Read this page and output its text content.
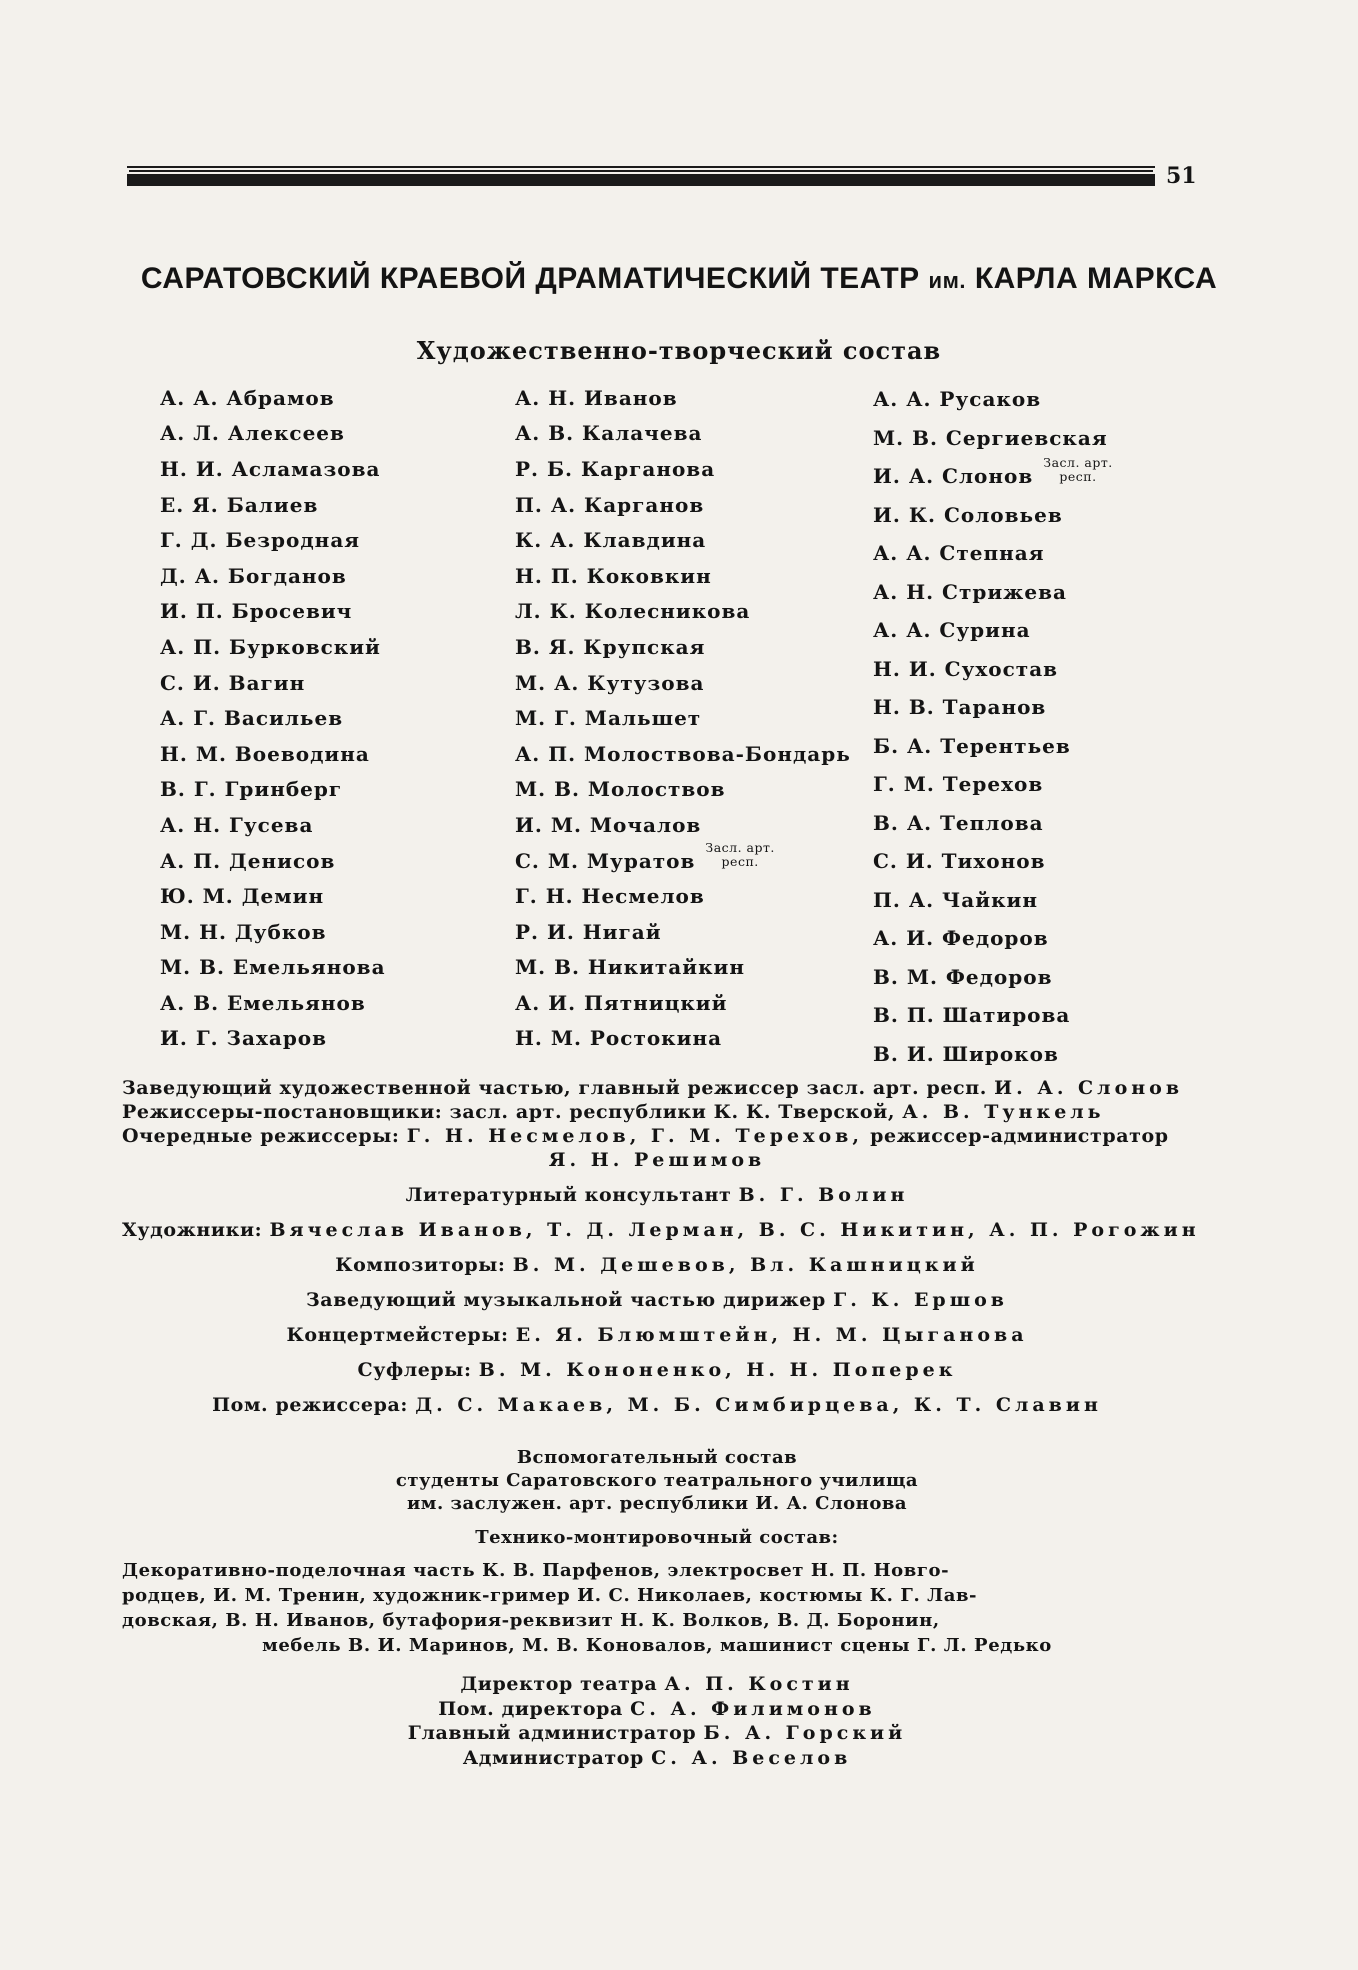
51
САРАТОВСКИЙ КРАЕВОЙ ДРАМАТИЧЕСКИЙ ТЕАТР им. КАРЛА МАРКСА
Художественно-творческий состав
А. А. Абрамов
А. Л. Алексеев
Н. И. Асламазова
Е. Я. Балиев
Г. Д. Безродная
Д. А. Богданов
И. П. Бросевич
А. П. Бурковский
С. И. Вагин
А. Г. Васильев
Н. М. Воеводина
В. Г. Гринберг
А. Н. Гусева
А. П. Денисов
Ю. М. Демин
М. Н. Дубков
М. В. Емельянова
А. В. Емельянов
И. Г. Захаров
А. Н. Иванов
А. В. Калачева
Р. Б. Карганова
П. А. Карганов
К. А. Клавдина
Н. П. Коковкин
Л. К. Колесникова
В. Я. Крупская
М. А. Кутузова
М. Г. Мальшет
А. П. Молоствова-Бондарь
М. В. Молоствов
И. М. Мочалов
С. М. Муратов
Засл. арт.
респ.
Г. Н. Несмелов
Р. И. Нигай
М. В. Никитайкин
А. И. Пятницкий
Н. М. Ростокина
А. А. Русаков
М. В. Сергиевская
И. А. Слонов
Засл. арт.
респ.
И. К. Соловьев
А. А. Степная
А. Н. Стрижева
А. А. Сурина
Н. И. Сухостав
Н. В. Таранов
Б. А. Терентьев
Г. М. Терехов
В. А. Теплова
С. И. Тихонов
П. А. Чайкин
А. И. Федоров
В. М. Федоров
В. П. Шатирова
В. И. Широков
Заведующий художественной частью, главный режиссер засл. арт. респ. И. А. Слонов
Режиссеры-постановщики: засл. арт. республики К. К. Тверской, А. В. Тункель
Очередные режиссеры: Г. Н. Несмелов, Г. М. Терехов, режиссер-администратор
Я. Н. Решимов
Литературный консультант В. Г. Волин
Художники: Вячеслав Иванов, Т. Д. Лерман, В. С. Никитин, А. П. Рогожин
Композиторы: В. М. Дешевов, Вл. Кашницкий
Заведующий музыкальной частью дирижер Г. К. Ершов
Концертмейстеры: Е. Я. Блюмштейн, Н. М. Цыганова
Суфлеры: В. М. Кононенко, Н. Н. Поперек
Пом. режиссера: Д. С. Макаев, М. Б. Симбирцева, К. Т. Славин
Вспомогательный состав
студенты Саратовского театрального училища
им. заслужен. арт. республики И. А. Слонова
Технико-монтировочный состав:
Декоративно-поделочная часть К. В. Парфенов, электросвет Н. П. Новго-
родцев, И. М. Тренин, художник-гример И. С. Николаев, костюмы К. Г. Лав-
довская, В. Н. Иванов, бутафория-реквизит Н. К. Волков, В. Д. Боронин,
мебель В. И. Маринов, М. В. Коновалов, машинист сцены Г. Л. Редько
Директор театра А. П. Костин
Пом. директора С. А. Филимонов
Главный администратор Б. А. Горский
Администратор С. А. Веселов
